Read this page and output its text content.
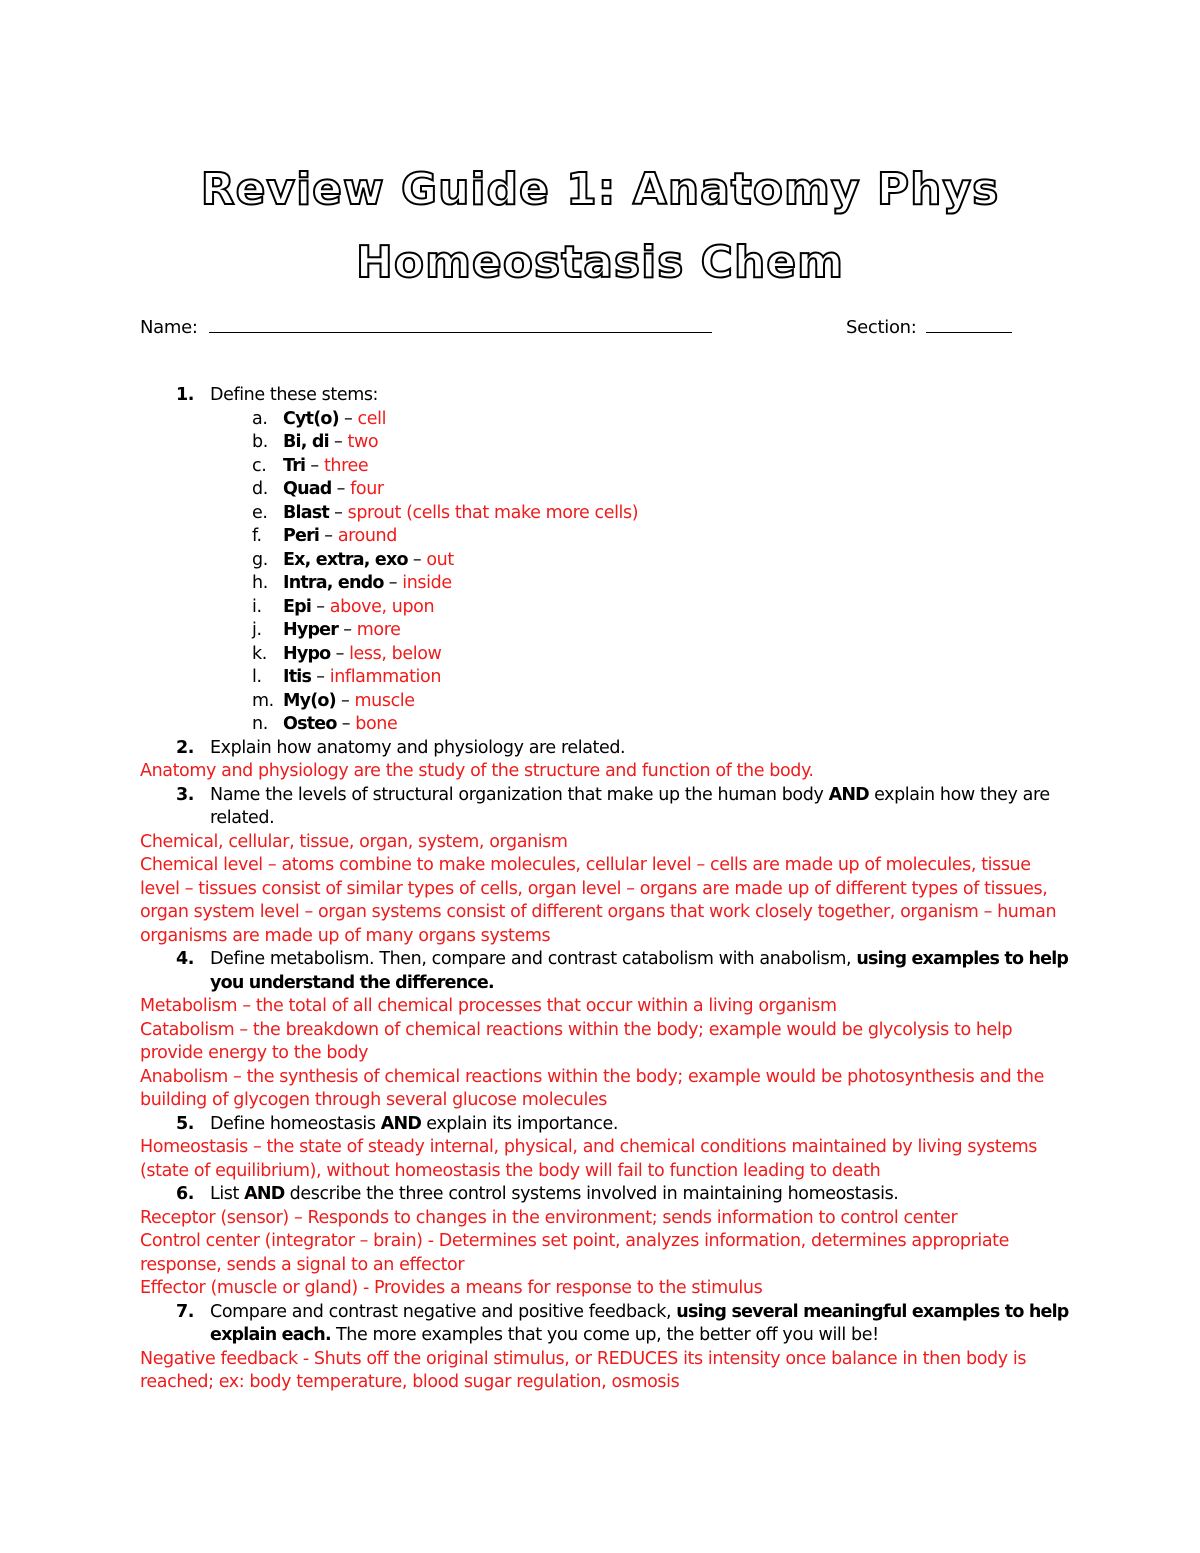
Review Guide 1: Anatomy Phys
Homeostasis Chem
Name:	Section:
1. Define these stems:
a. Cyt(o) – cell
b. Bi, di – two
c. Tri – three
d. Quad – four
e. Blast – sprout (cells that make more cells)
f. Peri – around
g. Ex, extra, exo – out
h. Intra, endo – inside
i. Epi – above, upon
j. Hyper – more
k. Hypo – less, below
l. Itis – inflammation
m. My(o) – muscle
n. Osteo – bone
2. Explain how anatomy and physiology are related.
Anatomy and physiology are the study of the structure and function of the body.
3. Name the levels of structural organization that make up the human body AND explain how they are related.
Chemical, cellular, tissue, organ, system, organism
Chemical level – atoms combine to make molecules, cellular level – cells are made up of molecules, tissue level – tissues consist of similar types of cells, organ level – organs are made up of different types of tissues, organ system level – organ systems consist of different organs that work closely together, organism – human organisms are made up of many organs systems
4. Define metabolism. Then, compare and contrast catabolism with anabolism, using examples to help you understand the difference.
Metabolism – the total of all chemical processes that occur within a living organism
Catabolism – the breakdown of chemical reactions within the body; example would be glycolysis to help provide energy to the body
Anabolism – the synthesis of chemical reactions within the body; example would be photosynthesis and the building of glycogen through several glucose molecules
5. Define homeostasis AND explain its importance.
Homeostasis – the state of steady internal, physical, and chemical conditions maintained by living systems (state of equilibrium), without homeostasis the body will fail to function leading to death
6. List AND describe the three control systems involved in maintaining homeostasis.
Receptor (sensor) – Responds to changes in the environment; sends information to control center
Control center (integrator – brain) - Determines set point, analyzes information, determines appropriate response, sends a signal to an effector
Effector (muscle or gland) - Provides a means for response to the stimulus
7. Compare and contrast negative and positive feedback, using several meaningful examples to help explain each. The more examples that you come up, the better off you will be!
Negative feedback - Shuts off the original stimulus, or REDUCES its intensity once balance in then body is reached; ex: body temperature, blood sugar regulation, osmosis
